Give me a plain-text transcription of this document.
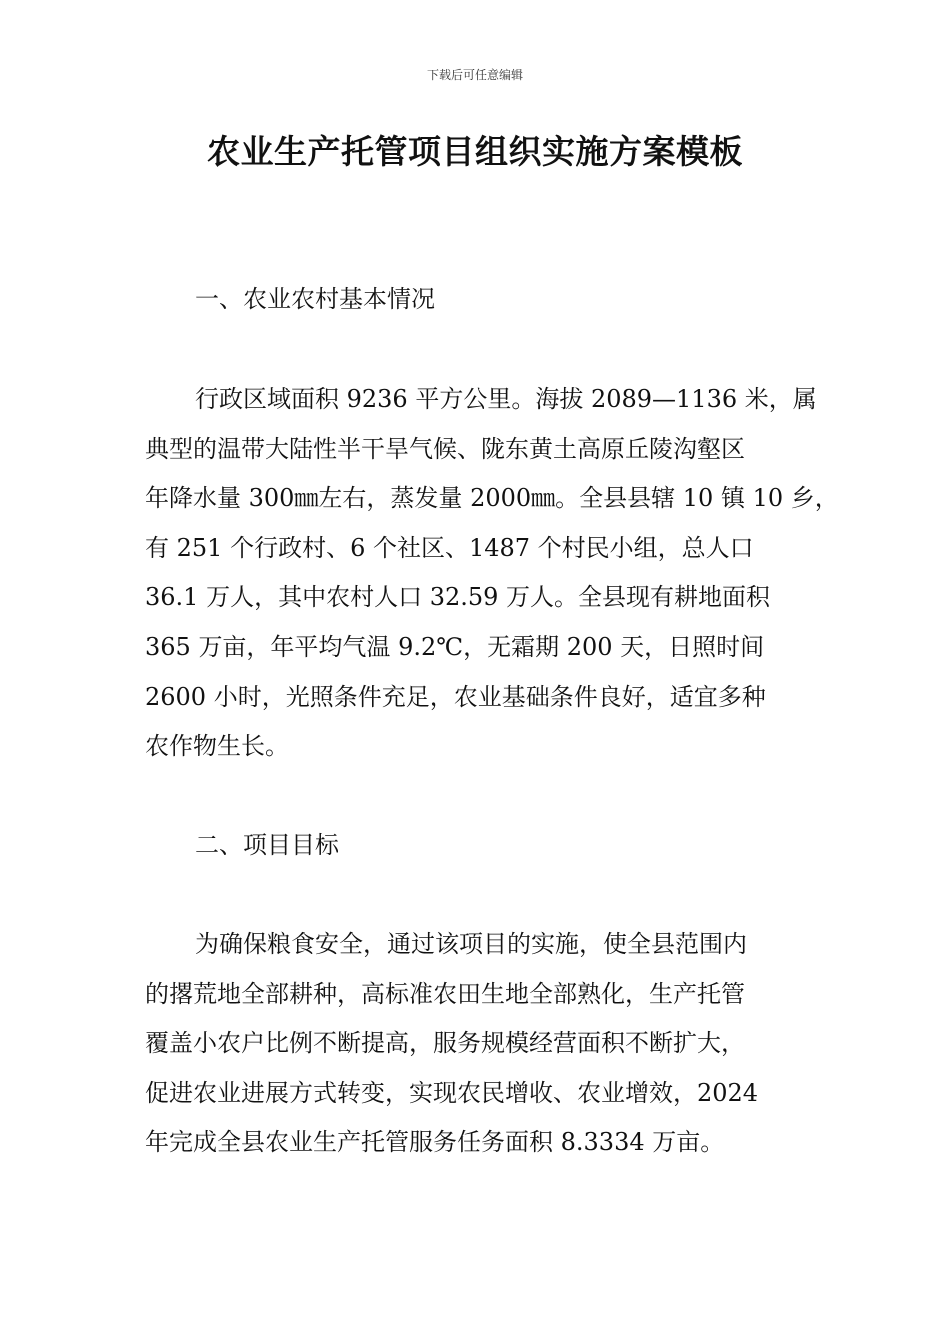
下载后可任意编辑
农业生产托管项目组织实施方案模板
一、农业农村基本情况
行政区域面积 9236 平方公里。海拔 2089—1136 米，属
典型的温带大陆性半干旱气候、陇东黄土高原丘陵沟壑区
年降水量 300㎜左右，蒸发量 2000㎜。全县县辖 10 镇 10 乡，
有 251 个行政村、6 个社区、1487 个村民小组，总人口
36.1 万人，其中农村人口 32.59 万人。全县现有耕地面积
365 万亩，年平均气温 9.2℃，无霜期 200 天，日照时间
2600 小时，光照条件充足，农业基础条件良好，适宜多种
农作物生长。
二、项目目标
为确保粮食安全，通过该项目的实施，使全县范围内
的撂荒地全部耕种，高标准农田生地全部熟化，生产托管
覆盖小农户比例不断提高，服务规模经营面积不断扩大，
促进农业进展方式转变，实现农民增收、农业增效，2024
年完成全县农业生产托管服务任务面积 8.3334 万亩。
